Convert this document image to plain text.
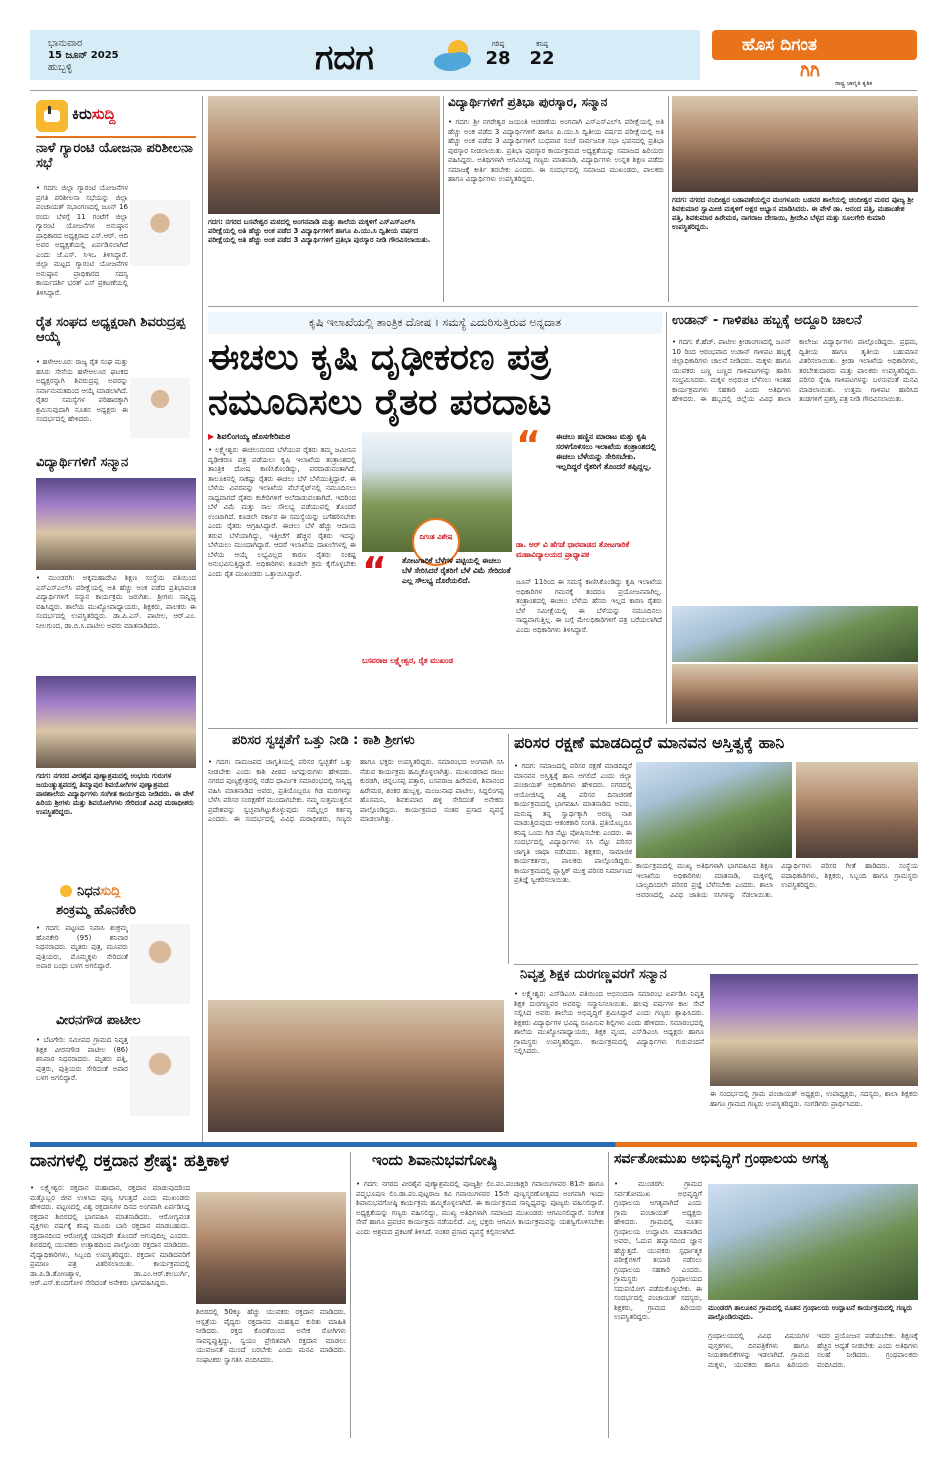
ಭಾನುವಾರ
15 ಜೂನ್ 2025
ಹುಬ್ಬಳ್ಳಿ	ಗದಗ	ಗರಿಷ್ಠ
28
ಕನಿಷ್ಠ
22
ಹೊಸ ದಿಗಂತ
ಗಿಗಿ
ರಾಷ್ಟ್ರ ಜಾಗೃತಿ ಕೃತಿಕ
ಕಿರುಸುದ್ದಿ
ನಾಳೆ ಗ್ಯಾರಂಟಿ ಯೋಜನಾ ಪರಿಶೀಲನಾ ಸಭೆ
• ಗದಗ: ಜಿಲ್ಲಾ ಗ್ಯಾರಂಟಿ ಯೋಜನೆಗಳ ಪ್ರಗತಿ ಪರಿಶೀಲನಾ ಸಭೆಯನ್ನು ಜಿಲ್ಲಾ ಪಂಚಾಯತ್ ಸಭಾಂಗಣದಲ್ಲಿ ಜೂನ್ 16 ರಂದು ಬೆಳಗ್ಗೆ 11 ಗಂಟೆಗೆ ಜಿಲ್ಲಾ ಗ್ಯಾರಂಟಿ ಯೋಜನೆಗಳ ಅನುಷ್ಠಾನ ಪ್ರಾಧಿಕಾರದ ಅಧ್ಯಕ್ಷರಾದ ಎಸ್.ಆರ್. ಆದಿ ಅವರ ಅಧ್ಯಕ್ಷತೆಯಲ್ಲಿ ಏರ್ಪಡಿಸಲಾಗಿದೆ ಎಂದು ಜೆ.ಎಸ್. ಸಿಇಒ ತಿಳಿಸಿದ್ದಾರೆ. ಜಿಲ್ಲಾ ಮಟ್ಟದ ಗ್ಯಾರಂಟಿ ಯೋಜನೆಗಳ ಅನುಷ್ಠಾನ ಪ್ರಾಧಿಕಾರದ ಸದಸ್ಯ ಕಾರ್ಯದರ್ಶಿ ಭರತ್ ಎಸ್ ಪ್ರಕಟಣೆಯಲ್ಲಿ ತಿಳಿಸಿದ್ದಾರೆ.
ರೈತ ಸಂಘದ ಅಧ್ಯಕ್ಷರಾಗಿ ಶಿವರುದ್ರಪ್ಪ ಆಯ್ಕೆ
• ಹಳೇಆಲೂರ: ರಾಜ್ಯ ರೈತ ಸಂಘ ಮತ್ತು ಹಸಿರು ಸೇನೆಯ ಹಳೇಆಲೂರ ಘಟಕದ ಅಧ್ಯಕ್ಷರನ್ನಾಗಿ ಶಿವರುದ್ರಪ್ಪ ಅವರನ್ನು ಸರ್ವಾನುಮತದಿಂದ ಆಯ್ಕೆ ಮಾಡಲಾಗಿದೆ. ರೈತರ ಸಮಸ್ಯೆಗಳ ಪರಿಹಾರಕ್ಕಾಗಿ ಶ್ರಮಿಸುವುದಾಗಿ ನೂತನ ಅಧ್ಯಕ್ಷರು ಈ ಸಂದರ್ಭದಲ್ಲಿ ಹೇಳಿದರು.
ವಿದ್ಯಾರ್ಥಿಗಳಿಗೆ ಸನ್ಮಾನ
• ಮುಂಡರಗಿ: ಅಕ್ಕಮಹಾದೇವಿ ಶಿಕ್ಷಣ ಸಂಸ್ಥೆಯ ವತಿಯಿಂದ ಎಸ್ಎಸ್ಎಲ್‌ಸಿ ಪರೀಕ್ಷೆಯಲ್ಲಿ ಅತಿ ಹೆಚ್ಚು ಅಂಕ ಪಡೆದ ಪ್ರತಿಭಾವಂತ ವಿದ್ಯಾರ್ಥಿಗಳಿಗೆ ಸನ್ಮಾನ ಕಾರ್ಯಕ್ರಮ ಜರುಗಿತು. ಶ್ರೀಗಳು ಸಾನ್ನಿಧ್ಯ ವಹಿಸಿದ್ದರು. ಶಾಲೆಯ ಮುಖ್ಯೋಪಾಧ್ಯಾಯರು, ಶಿಕ್ಷಕರು, ಪಾಲಕರು ಈ ಸಂದರ್ಭದಲ್ಲಿ ಉಪಸ್ಥಿತರಿದ್ದರು. ಡಾ.ಪಿ.ಎಸ್. ಪಾಟೀಲ, ಆರ್.ಎಂ. ನೀಲಗುಂದ, ಡಾ.ಬಿ.ಸಿ.ಪಾಟೀಲ ಅವರು ಮಾತನಾಡಿದರು.
ಗದಗ: ನಗರದ ವೀರಶೈವ ಪುಣ್ಯಾಶ್ರಮದಲ್ಲಿ ಉಭಯ ಗುರುಗಳ ಜಯಂತ್ಯುತ್ಸವದಲ್ಲಿ ತಿಮ್ಮಾಪುರ ಶಿವಯೋಗಿಗಳ ಪುಣ್ಯಾಶ್ರಮದ ಪಾಠಶಾಲೆಯ ವಿದ್ಯಾರ್ಥಿಗಳು ಸಂಗೀತ ಕಾರ್ಯಕ್ರಮ ನೀಡಿದರು. ಈ ವೇಳೆ ಹಿರಿಯ ಶ್ರೀಗಳು ಮತ್ತು ಶಿವಯೋಗಿಗಳು ಸೇರಿದಂತೆ ವಿವಿಧ ಮಠಾಧೀಶರು ಉಪಸ್ಥಿತರಿದ್ದರು.
ನಿಧನಸುದ್ದಿ
ಶಂಕ್ರಮ್ಮ ಹೊನಕೇರಿ
• ಗದಗ: ಪಟ್ಟಣದ ನಿವಾಸಿ ಶಂಕ್ರಮ್ಮ ಹೊನಕೇರಿ (95) ಶನಿವಾರ ನಿಧನರಾದರು. ಮೃತರು ಪುತ್ರ, ಮೂವರು ಪುತ್ರಿಯರು, ಮೊಮ್ಮಕ್ಕಳು ಸೇರಿದಂತೆ ಅಪಾರ ಬಂಧು ಬಳಗ ಅಗಲಿದ್ದಾರೆ.
ವೀರನಗೌಡ ಪಾಟೀಲ
• ಬೆಟಗೇರಿ: ಸಮೀಪದ ಗ್ರಾಮದ ನಿವೃತ್ತ ಶಿಕ್ಷಕ ವೀರನಗೌಡ ಪಾಟೀಲ (86) ಶನಿವಾರ ನಿಧನರಾದರು. ಮೃತರು ಪತ್ನಿ, ಪುತ್ರರು, ಪುತ್ರಿಯರು ಸೇರಿದಂತೆ ಅಪಾರ ಬಳಗ ಅಗಲಿದ್ದಾರೆ.
ಗದಗ: ನಗರದ ಬಸವೇಶ್ವರ ಮಠದಲ್ಲಿ ಅಂಗನವಾಡಿ ಮತ್ತು ಶಾಲೆಯ ಮಕ್ಕಳಿಗೆ ಎಸ್ಎಸ್ಎಲ್‌ಸಿ ಪರೀಕ್ಷೆಯಲ್ಲಿ ಅತಿ ಹೆಚ್ಚು ಅಂಕ ಪಡೆದ 3 ವಿದ್ಯಾರ್ಥಿಗಳಿಗೆ ಹಾಗೂ ಪಿ.ಯು.ಸಿ ದ್ವಿತೀಯ ವರ್ಷದ ಪರೀಕ್ಷೆಯಲ್ಲಿ ಅತಿ ಹೆಚ್ಚು ಅಂಕ ಪಡೆದ 3 ವಿದ್ಯಾರ್ಥಿಗಳಿಗೆ ಪ್ರತಿಭಾ ಪುರಸ್ಕಾರ ನೀಡಿ ಗೌರವಿಸಲಾಯಿತು.
ವಿದ್ಯಾರ್ಥಿಗಳಿಗೆ ಪ್ರತಿಭಾ ಪುರಸ್ಕಾರ, ಸನ್ಮಾನ
• ಗದಗ: ಶ್ರೀ ನಗರೇಶ್ವರ ಜಯಂತಿ ಆಚರಣೆಯ ಅಂಗವಾಗಿ ಎಸ್ಎಸ್ಎಲ್‌ಸಿ ಪರೀಕ್ಷೆಯಲ್ಲಿ ಅತಿ ಹೆಚ್ಚು ಅಂಕ ಪಡೆದ 3 ವಿದ್ಯಾರ್ಥಿಗಳಿಗೆ ಹಾಗೂ ಪಿ.ಯು.ಸಿ ದ್ವಿತೀಯ ವರ್ಷದ ಪರೀಕ್ಷೆಯಲ್ಲಿ ಅತಿ ಹೆಚ್ಚು ಅಂಕ ಪಡೆದ 3 ವಿದ್ಯಾರ್ಥಿಗಳಿಗೆ ಬುಧವಾರ ಸಂಜೆ ಸಾರ್ವಜನಿಕ ಸಭಾ ಭವನದಲ್ಲಿ ಪ್ರತಿಭಾ ಪುರಸ್ಕಾರ ನೀಡಲಾಯಿತು. ಪ್ರತಿಭಾ ಪುರಸ್ಕಾರ ಕಾರ್ಯಕ್ರಮದ ಅಧ್ಯಕ್ಷತೆಯನ್ನು ಸಮಾಜದ ಹಿರಿಯರು ವಹಿಸಿದ್ದರು. ಅತಿಥಿಗಳಾಗಿ ಆಗಮಿಸಿದ್ದ ಗಣ್ಯರು ಮಾತನಾಡಿ, ವಿದ್ಯಾರ್ಥಿಗಳು ಉನ್ನತ ಶಿಕ್ಷಣ ಪಡೆದು ಸಮಾಜಕ್ಕೆ ಕೀರ್ತಿ ತರಬೇಕು ಎಂದರು. ಈ ಸಂದರ್ಭದಲ್ಲಿ ಸಮಾಜದ ಮುಖಂಡರು, ಪಾಲಕರು ಹಾಗೂ ವಿದ್ಯಾರ್ಥಿಗಳು ಉಪಸ್ಥಿತರಿದ್ದರು.
ಗದಗ: ನಗರದ ನಂದೀಶ್ವರ ಬಡಾವಣೆಯಲ್ಲಿನ ಮಂಗಳೂರು ಬಡವರ ಶಾಲೆಯಲ್ಲಿ ಚಂದೀಶ್ವರ ಮಠದ ಪೂಜ್ಯ ಶ್ರೀ ಶಿವಕುಮಾರ ಸ್ವಾಮೀಜಿ ಮಕ್ಕಳಿಗೆ ಅಕ್ಷರ ಅಭ್ಯಾಸ ಮಾಡಿಸಿದರು. ಈ ವೇಳೆ ಡಾ. ಆನಂದ ಪತ್ತಿ, ಮಹಾಂತೇಶ ಪತ್ತಿ, ಶಿವಕುಮಾರ ಹಿರೇಮಠ, ನಾಗರಾಜ ದೇಸಾಯಿ, ಶ್ರೀದೇವಿ ಬೆಳ್ಳದ ಮತ್ತು ಸೂಲಗೇರಿ ಕುಮಾರಿ ಉಪಸ್ಥಿತರಿದ್ದರು.
ಕೃಷಿ ಇಲಾಖೆಯಲ್ಲಿ ತಾಂತ್ರಿಕ ದೋಷ । ಸಮಸ್ಯೆ ಎದುರಿಸುತ್ತಿರುವ ಅನ್ನದಾತ
ಈಚಲು ಕೃಷಿ ದೃಢೀಕರಣ ಪತ್ರ
ನಮೂದಿಸಲು ರೈತರ ಪರದಾಟ
▶ ಶಿವಲಿಂಗಯ್ಯ ಹೊಸಗೇರಿಮಠ
• ಲಕ್ಷ್ಮೇಶ್ವರ: ಈಚಲುಮರದ ಬೆಳೆಯುವ ರೈತರು ತಮ್ಮ ಜಮೀನಿನ ದೃಢೀಕರಣ ಪತ್ರ ಪಡೆಯಲು ಕೃಷಿ ಇಲಾಖೆಯ ತಂತ್ರಾಂಶದಲ್ಲಿ ತಾಂತ್ರಿಕ ದೋಷ ಕಾಣಿಸಿಕೊಂಡಿದ್ದು, ಪರದಾಡುವಂತಾಗಿದೆ. ತಾಲೂಕಿನಲ್ಲಿ ಸಾಕಷ್ಟು ರೈತರು ಈಚಲು ಬೆಳೆ ಬೆಳೆಯುತ್ತಿದ್ದಾರೆ. ಈ ಬೆಳೆಯ ವಿವರವನ್ನು ಇಲಾಖೆಯ ವೆಬ್‌ಸೈಟ್‌ನಲ್ಲಿ ನಮೂದಿಸಲು ಸಾಧ್ಯವಾಗದೆ ರೈತರು ಕಚೇರಿಗಳಿಗೆ ಅಲೆದಾಡುವಂತಾಗಿದೆ. ಇದರಿಂದ ಬೆಳೆ ವಿಮೆ ಮತ್ತು ಸಾಲ ಸೌಲಭ್ಯ ಪಡೆಯುವಲ್ಲಿ ತೊಂದರೆ ಉಂಟಾಗಿದೆ. ಕೂಡಲೇ ಸರ್ಕಾರ ಈ ಸಮಸ್ಯೆಯನ್ನು ಬಗೆಹರಿಸಬೇಕು ಎಂದು ರೈತರು ಆಗ್ರಹಿಸಿದ್ದಾರೆ. ಈಚಲು ಬೆಳೆ ಹೆಚ್ಚು ಆದಾಯ ತರುವ ಬೆಳೆಯಾಗಿದ್ದು, ಇತ್ತೀಚೆಗೆ ಹೆಚ್ಚಿನ ರೈತರು ಇದನ್ನು ಬೆಳೆಯಲು ಮುಂದಾಗಿದ್ದಾರೆ. ಆದರೆ ಇಲಾಖೆಯ ದಾಖಲೆಗಳಲ್ಲಿ ಈ ಬೆಳೆಯ ಆಯ್ಕೆ ಲಭ್ಯವಿಲ್ಲದ ಕಾರಣ ರೈತರು ಸಂಕಷ್ಟ ಅನುಭವಿಸುತ್ತಿದ್ದಾರೆ. ಅಧಿಕಾರಿಗಳು ಕೂಡಲೇ ಕ್ರಮ ಕೈಗೊಳ್ಳಬೇಕು ಎಂದು ರೈತ ಮುಖಂಡರು ಒತ್ತಾಯಿಸಿದ್ದಾರೆ.
ದಿಗಂತ ವಿಶೇಷ
“	ಈಚಲು ಹಣ್ಣಿನ ಮಾರಾಟ ಮತ್ತು ಕೃಷಿ ಸರಳಗೊಳಿಸಲು ಇಲಾಖೆಯ ತಂತ್ರಾಂಶದಲ್ಲಿ ಈಚಲು ಬೆಳೆಯನ್ನು ಸೇರಿಸಬೇಕು. ಇಲ್ಲದಿದ್ದರೆ ರೈತರಿಗೆ ತೊಂದರೆ ತಪ್ಪಿದ್ದಲ್ಲ.
ಡಾ. ಆರ್ ವಿ ಹೆಗಡೆ ಧಾರವಾಡದ ತೋಟಗಾರಿಕೆ ಮಹಾವಿದ್ಯಾಲಯದ ಪ್ರಾಧ್ಯಾಪಕ
“	ತೋಟಗಾರಿಕೆ ಬೆಳೆಗಳ ಪಟ್ಟಿಯಲ್ಲಿ ಈಚಲು ಬೆಳೆ ಸೇರಿಸಿದರೆ ರೈತರಿಗೆ ಬೆಳೆ ವಿಮೆ ಸೇರಿದಂತೆ ಎಲ್ಲ ಸೌಲಭ್ಯ ದೊರೆಯಲಿದೆ.
ಬಸವರಾಜ ಲಕ್ಷ್ಮೇಶ್ವರ, ರೈತ ಮುಖಂಡ
ಜೂನ್ 11ರಿಂದ ಈ ಸಮಸ್ಯೆ ಕಾಣಿಸಿಕೊಂಡಿದ್ದು ಕೃಷಿ ಇಲಾಖೆಯ ಅಧಿಕಾರಿಗಳ ಗಮನಕ್ಕೆ ತಂದರೂ ಪ್ರಯೋಜನವಾಗಿಲ್ಲ. ತಂತ್ರಾಂಶದಲ್ಲಿ ಈಚಲು ಬೆಳೆಯ ಹೆಸರು ಇಲ್ಲದ ಕಾರಣ ರೈತರು ಬೆಳೆ ಸಮೀಕ್ಷೆಯಲ್ಲಿ ಈ ಬೆಳೆಯನ್ನು ನಮೂದಿಸಲು ಸಾಧ್ಯವಾಗುತ್ತಿಲ್ಲ. ಈ ಬಗ್ಗೆ ಮೇಲಧಿಕಾರಿಗಳಿಗೆ ಪತ್ರ ಬರೆಯಲಾಗಿದೆ ಎಂದು ಅಧಿಕಾರಿಗಳು ತಿಳಿಸಿದ್ದಾರೆ.
ಉಡಾನ್ - ಗಾಳಿಪಟ ಹಬ್ಬಕ್ಕೆ ಅದ್ದೂರಿ ಚಾಲನೆ
• ಗದಗ: ಕೆ.ಹೆಚ್. ಪಾಟೀಲ ಕ್ರೀಡಾಂಗಣದಲ್ಲಿ ಜೂನ್ 10 ರಿಂದ ಆರಂಭವಾದ ಉಡಾನ್ ಗಾಳಿಪಟ ಹಬ್ಬಕ್ಕೆ ಜಿಲ್ಲಾಧಿಕಾರಿಗಳು ಚಾಲನೆ ನೀಡಿದರು. ಮಕ್ಕಳು ಹಾಗೂ ಯುವಕರು ಬಣ್ಣ ಬಣ್ಣದ ಗಾಳಿಪಟಗಳನ್ನು ಹಾರಿಸಿ ಸಂಭ್ರಮಿಸಿದರು. ಮಕ್ಕಳ ಅಭಿರುಚಿ ಬೆಳೆಸಲು ಇಂತಹ ಕಾರ್ಯಕ್ರಮಗಳು ಸಹಕಾರಿ ಎಂದು ಅತಿಥಿಗಳು ಹೇಳಿದರು. ಈ ಹಬ್ಬದಲ್ಲಿ ಜಿಲ್ಲೆಯ ವಿವಿಧ ಶಾಲಾ ಕಾಲೇಜು ವಿದ್ಯಾರ್ಥಿಗಳು ಪಾಲ್ಗೊಂಡಿದ್ದರು. ಪ್ರಥಮ, ದ್ವಿತೀಯ ಹಾಗೂ ತೃತೀಯ ಬಹುಮಾನ ವಿತರಿಸಲಾಯಿತು. ಕ್ರೀಡಾ ಇಲಾಖೆಯ ಅಧಿಕಾರಿಗಳು, ತರಬೇತುದಾರರು ಮತ್ತು ಪಾಲಕರು ಉಪಸ್ಥಿತರಿದ್ದರು. ಪರಿಸರ ಸ್ನೇಹಿ ಗಾಳಿಪಟಗಳನ್ನು ಬಳಸುವಂತೆ ಮನವಿ ಮಾಡಲಾಯಿತು. ಉತ್ತಮ ಗಾಳಿಪಟ ಹಾರಿಸಿದ ತಂಡಗಳಿಗೆ ಪ್ರಶಸ್ತಿ ಪತ್ರ ನೀಡಿ ಗೌರವಿಸಲಾಯಿತು.
ಪರಿಸರ ಸ್ವಚ್ಛತೆಗೆ ಒತ್ತು ನೀಡಿ : ಕಾಶಿ ಶ್ರೀಗಳು
• ಗದಗ: ನಾಮಜಪದ ಜಾಗೃತಿಯಲ್ಲಿ ಪರಿಸರ ಸ್ವಚ್ಛತೆಗೆ ಒತ್ತು ನೀಡಬೇಕು ಎಂದು ಕಾಶಿ ಪೀಠದ ಜಗದ್ಗುರುಗಳು ಹೇಳಿದರು. ನಗರದ ಪುಣ್ಯಕ್ಷೇತ್ರದಲ್ಲಿ ನಡೆದ ಧಾರ್ಮಿಕ ಸಮಾರಂಭದಲ್ಲಿ ಸಾನ್ನಿಧ್ಯ ವಹಿಸಿ ಮಾತನಾಡಿದ ಅವರು, ಪ್ರತಿಯೊಬ್ಬರೂ ಗಿಡ ಮರಗಳನ್ನು ಬೆಳೆಸಿ ಪರಿಸರ ಸಂರಕ್ಷಣೆಗೆ ಮುಂದಾಗಬೇಕು. ನಮ್ಮ ಸುತ್ತಮುತ್ತಲಿನ ಪ್ರದೇಶವನ್ನು ಸ್ವಚ್ಛವಾಗಿಟ್ಟುಕೊಳ್ಳುವುದು ನಮ್ಮೆಲ್ಲರ ಕರ್ತವ್ಯ ಎಂದರು. ಈ ಸಂದರ್ಭದಲ್ಲಿ ವಿವಿಧ ಮಠಾಧೀಶರು, ಗಣ್ಯರು ಹಾಗೂ ಭಕ್ತರು ಉಪಸ್ಥಿತರಿದ್ದರು. ಸಮಾರಂಭದ ಅಂಗವಾಗಿ ಸಸಿ ನೆಡುವ ಕಾರ್ಯಕ್ರಮ ಹಮ್ಮಿಕೊಳ್ಳಲಾಗಿತ್ತು. ಮುಖಂಡರಾದ ರಾಜು ಕುರಡಗಿ, ಚನ್ನಬಸಪ್ಪ ಪತ್ತಾರ, ಬಸವರಾಜ ಹಿರೇಮಠ, ಶಿವಾನಂದ ಹಿರೇಮಠ, ಶಂಕರ ಹುಬ್ಬಳ್ಳಿ, ಮಂಜುನಾಥ ಪಾಟೀಲ, ಸಿದ್ದಲಿಂಗಪ್ಪ ಹೊಸಮನಿ, ಶಿವಕುಮಾರ ಹಳ್ಳಿ ಸೇರಿದಂತೆ ಅನೇಕರು ಪಾಲ್ಗೊಂಡಿದ್ದರು. ಕಾರ್ಯಕ್ರಮದ ನಂತರ ಪ್ರಸಾದ ವ್ಯವಸ್ಥೆ ಮಾಡಲಾಗಿತ್ತು.
ಪರಿಸರ ರಕ್ಷಣೆ ಮಾಡದಿದ್ದರೆ ಮಾನವನ ಅಸ್ತಿತ್ವಕ್ಕೆ ಹಾನಿ
• ಗದಗ: ಸಮಾಜದಲ್ಲಿ ಪರಿಸರ ರಕ್ಷಣೆ ಮಾಡದಿದ್ದರೆ ಮಾನವನ ಅಸ್ತಿತ್ವಕ್ಕೆ ಹಾನಿ ಆಗಲಿದೆ ಎಂದು ಜಿಲ್ಲಾ ಪಂಚಾಯತ್ ಅಧಿಕಾರಿಗಳು ಹೇಳಿದರು. ನಗರದಲ್ಲಿ ಆಯೋಜಿಸಿದ್ದ ವಿಶ್ವ ಪರಿಸರ ದಿನಾಚರಣೆ ಕಾರ್ಯಕ್ರಮದಲ್ಲಿ ಭಾಗವಹಿಸಿ ಮಾತನಾಡಿದ ಅವರು, ಮನುಷ್ಯ ತನ್ನ ಸ್ವಾರ್ಥಕ್ಕಾಗಿ ಅರಣ್ಯ ನಾಶ ಮಾಡುತ್ತಿರುವುದು ಆತಂಕಕಾರಿ ಸಂಗತಿ. ಪ್ರತಿಯೊಬ್ಬರೂ ಕನಿಷ್ಠ ಒಂದು ಗಿಡ ನೆಟ್ಟು ಪೋಷಿಸಬೇಕು ಎಂದರು. ಈ ಸಂದರ್ಭದಲ್ಲಿ ವಿದ್ಯಾರ್ಥಿಗಳು ಸಸಿ ನೆಟ್ಟು ಪರಿಸರ ಜಾಗೃತಿ ಜಾಥಾ ನಡೆಸಿದರು. ಶಿಕ್ಷಕರು, ಸಾಮಾಜಿಕ ಕಾರ್ಯಕರ್ತರು, ಪಾಲಕರು ಪಾಲ್ಗೊಂಡಿದ್ದರು. ಕಾರ್ಯಕ್ರಮದಲ್ಲಿ ಪ್ಲಾಸ್ಟಿಕ್ ಮುಕ್ತ ಪರಿಸರ ನಿರ್ಮಾಣದ ಪ್ರತಿಜ್ಞೆ ಸ್ವೀಕರಿಸಲಾಯಿತು.
ಕಾರ್ಯಕ್ರಮದಲ್ಲಿ ಮುಖ್ಯ ಅತಿಥಿಗಳಾಗಿ ಭಾಗವಹಿಸಿದ ಶಿಕ್ಷಣ ಇಲಾಖೆಯ ಅಧಿಕಾರಿಗಳು ಮಾತನಾಡಿ, ಮಕ್ಕಳಲ್ಲಿ ಬಾಲ್ಯದಿಂದಲೇ ಪರಿಸರ ಪ್ರಜ್ಞೆ ಬೆಳೆಸಬೇಕು ಎಂದರು. ಶಾಲಾ ಆವರಣದಲ್ಲಿ ವಿವಿಧ ಜಾತಿಯ ಸಸಿಗಳನ್ನು ನೆಡಲಾಯಿತು. ವಿದ್ಯಾರ್ಥಿಗಳು ಪರಿಸರ ಗೀತೆ ಹಾಡಿದರು. ಸಂಸ್ಥೆಯ ಪದಾಧಿಕಾರಿಗಳು, ಶಿಕ್ಷಕರು, ಸಿಬ್ಬಂದಿ ಹಾಗೂ ಗ್ರಾಮಸ್ಥರು ಉಪಸ್ಥಿತರಿದ್ದರು.
ನಿವೃತ್ತ ಶಿಕ್ಷಕ ದುರಗಣ್ಣವರಗೆ ಸನ್ಮಾನ
• ಲಕ್ಷ್ಮೇಶ್ವರ: ಎಸ್‌ಡಿಎಂಸಿ ವತಿಯಿಂದ ಅಭಿನಂದನಾ ಸಮಾರಂಭ ಏರ್ಪಡಿಸಿ ನಿವೃತ್ತ ಶಿಕ್ಷಕ ದುರಗಣ್ಣವರ ಅವರನ್ನು ಸನ್ಮಾನಿಸಲಾಯಿತು. ಹಲವು ವರ್ಷಗಳ ಕಾಲ ಸೇವೆ ಸಲ್ಲಿಸಿದ ಅವರು ಶಾಲೆಯ ಅಭಿವೃದ್ಧಿಗೆ ಶ್ರಮಿಸಿದ್ದಾರೆ ಎಂದು ಗಣ್ಯರು ಶ್ಲಾಘಿಸಿದರು. ಶಿಕ್ಷಕರು ವಿದ್ಯಾರ್ಥಿಗಳ ಭವಿಷ್ಯ ರೂಪಿಸುವ ಶಿಲ್ಪಿಗಳು ಎಂದು ಹೇಳಿದರು. ಸಮಾರಂಭದಲ್ಲಿ ಶಾಲೆಯ ಮುಖ್ಯೋಪಾಧ್ಯಾಯರು, ಶಿಕ್ಷಕ ವೃಂದ, ಎಸ್‌ಡಿಎಂಸಿ ಅಧ್ಯಕ್ಷರು ಹಾಗೂ ಗ್ರಾಮಸ್ಥರು ಉಪಸ್ಥಿತರಿದ್ದರು. ಕಾರ್ಯಕ್ರಮದಲ್ಲಿ ವಿದ್ಯಾರ್ಥಿಗಳು ಗುರುವಂದನೆ ಸಲ್ಲಿಸಿದರು.
ಈ ಸಂದರ್ಭದಲ್ಲಿ ಗ್ರಾಮ ಪಂಚಾಯತ್ ಅಧ್ಯಕ್ಷರು, ಉಪಾಧ್ಯಕ್ಷರು, ಸದಸ್ಯರು, ಶಾಲಾ ಶಿಕ್ಷಕರು ಹಾಗೂ ಗ್ರಾಮದ ಗಣ್ಯರು ಉಪಸ್ಥಿತರಿದ್ದರು. ಸಂಗಡಿಗರು ಪ್ರಾರ್ಥಿಸಿದರು.
ದಾನಗಳಲ್ಲಿ ರಕ್ತದಾನ ಶ್ರೇಷ್ಠ: ಹತ್ತಿಕಾಳ
• ಲಕ್ಷ್ಮೇಶ್ವರ: ರಕ್ತದಾನ ಮಹಾದಾನ, ರಕ್ತದಾನ ಮಾಡುವುದರಿಂದ ಮತ್ತೊಬ್ಬರ ಜೀವ ಉಳಿಸಿದ ಪುಣ್ಯ ಸಿಗುತ್ತದೆ ಎಂದು ಮುಖಂಡರು ಹೇಳಿದರು. ಪಟ್ಟಣದಲ್ಲಿ ವಿಶ್ವ ರಕ್ತದಾನಿಗಳ ದಿನದ ಅಂಗವಾಗಿ ಏರ್ಪಡಿಸಿದ್ದ ರಕ್ತದಾನ ಶಿಬಿರದಲ್ಲಿ ಭಾಗವಹಿಸಿ ಮಾತನಾಡಿದರು. ಆರೋಗ್ಯವಂತ ವ್ಯಕ್ತಿಗಳು ವರ್ಷಕ್ಕೆ ಕನಿಷ್ಠ ಮೂರು ಬಾರಿ ರಕ್ತದಾನ ಮಾಡಬಹುದು. ರಕ್ತದಾನದಿಂದ ಆರೋಗ್ಯಕ್ಕೆ ಯಾವುದೇ ತೊಂದರೆ ಆಗುವುದಿಲ್ಲ ಎಂದರು. ಶಿಬಿರದಲ್ಲಿ ಯುವಕರು ಉತ್ಸಾಹದಿಂದ ಪಾಲ್ಗೊಂಡು ರಕ್ತದಾನ ಮಾಡಿದರು. ವೈದ್ಯಾಧಿಕಾರಿಗಳು, ಸಿಬ್ಬಂದಿ ಉಪಸ್ಥಿತರಿದ್ದರು. ರಕ್ತದಾನ ಮಾಡಿದವರಿಗೆ ಪ್ರಮಾಣ ಪತ್ರ ವಿತರಿಸಲಾಯಿತು. ಕಾರ್ಯಕ್ರಮದಲ್ಲಿ ಡಾ.ಪಿ.ಡಿ.ತೋಣಶ್ಯಾಳ, ಡಾ.ಎಂ.ಆರ್.ಕಲಬುರ್ಗಿ, ಆರ್.ಎಸ್.ಕುಂದಗೋಳ ಸೇರಿದಂತೆ ಅನೇಕರು ಭಾಗವಹಿಸಿದ್ದರು.
ಶಿಬಿರದಲ್ಲಿ 50ಕ್ಕೂ ಹೆಚ್ಚು ಯುವಕರು ರಕ್ತದಾನ ಮಾಡಿದರು. ಆಸ್ಪತ್ರೆಯ ವೈದ್ಯರು ರಕ್ತದಾನದ ಮಹತ್ವದ ಕುರಿತು ಮಾಹಿತಿ ನೀಡಿದರು. ರಕ್ತದ ಕೊರತೆಯಿಂದ ಅನೇಕ ರೋಗಿಗಳು ಸಾವನ್ನಪ್ಪುತ್ತಿದ್ದು, ಸ್ವಯಂ ಪ್ರೇರಿತವಾಗಿ ರಕ್ತದಾನ ಮಾಡಲು ಯುವಜನತೆ ಮುಂದೆ ಬರಬೇಕು ಎಂದು ಮನವಿ ಮಾಡಿದರು. ಸಂಘಟಕರು ಸ್ವಾಗತಿಸಿ ವಂದಿಸಿದರು.
ಇಂದು ಶಿವಾನುಭವಗೋಷ್ಠಿ
• ಗದಗ: ನಗರದ ವೀರಶೈವ ಪುಣ್ಯಾಶ್ರಮದಲ್ಲಿ ಪೂಜ್ಯಶ್ರೀ ಲಿಂ.ಪಂ.ಪಂಚಾಕ್ಷರಿ ಗವಾಯಿಗಳವರ 81ನೇ ಹಾಗೂ ಪದ್ಮಭೂಷಣ ಲಿಂ.ಡಾ.ಪಂ.ಪುಟ್ಟರಾಜ ಕವಿ ಗವಾಯಿಗಳವರ 15ನೇ ಪುಣ್ಯಸ್ಮರಣೋತ್ಸವದ ಅಂಗವಾಗಿ ಇಂದು ಶಿವಾನುಭವಗೋಷ್ಠಿ ಕಾರ್ಯಕ್ರಮ ಹಮ್ಮಿಕೊಳ್ಳಲಾಗಿದೆ. ಈ ಕಾರ್ಯಕ್ರಮದ ಸಾನ್ನಿಧ್ಯವನ್ನು ಪೂಜ್ಯರು ವಹಿಸಲಿದ್ದಾರೆ. ಅಧ್ಯಕ್ಷತೆಯನ್ನು ಗಣ್ಯರು ವಹಿಸಲಿದ್ದು, ಮುಖ್ಯ ಅತಿಥಿಗಳಾಗಿ ಸಮಾಜದ ಮುಖಂಡರು ಆಗಮಿಸಲಿದ್ದಾರೆ. ಸಂಗೀತ ಸೇವೆ ಹಾಗೂ ಪ್ರವಚನ ಕಾರ್ಯಕ್ರಮ ನಡೆಯಲಿದೆ. ಎಲ್ಲ ಭಕ್ತರು ಆಗಮಿಸಿ ಕಾರ್ಯಕ್ರಮವನ್ನು ಯಶಸ್ವಿಗೊಳಿಸಬೇಕು ಎಂದು ಆಶ್ರಮದ ಪ್ರಕಟಣೆ ತಿಳಿಸಿದೆ. ನಂತರ ಪ್ರಸಾದ ವ್ಯವಸ್ಥೆ ಕಲ್ಪಿಸಲಾಗಿದೆ.
ಸರ್ವತೋಮುಖ ಅಭಿವೃದ್ಧಿಗೆ ಗ್ರಂಥಾಲಯ ಅಗತ್ಯ
• ಮುಂಡರಗಿ: ಗ್ರಾಮದ ಸರ್ವತೋಮುಖ ಅಭಿವೃದ್ಧಿಗೆ ಗ್ರಂಥಾಲಯ ಅಗತ್ಯವಾಗಿದೆ ಎಂದು ಗ್ರಾಮ ಪಂಚಾಯತ್ ಅಧ್ಯಕ್ಷರು ಹೇಳಿದರು. ಗ್ರಾಮದಲ್ಲಿ ನೂತನ ಗ್ರಂಥಾಲಯ ಉದ್ಘಾಟಿಸಿ ಮಾತನಾಡಿದ ಅವರು, ಓದುವ ಹವ್ಯಾಸದಿಂದ ಜ್ಞಾನ ಹೆಚ್ಚುತ್ತದೆ. ಯುವಕರು ಸ್ಪರ್ಧಾತ್ಮಕ ಪರೀಕ್ಷೆಗಳಿಗೆ ತಯಾರಿ ನಡೆಸಲು ಗ್ರಂಥಾಲಯ ಸಹಕಾರಿ ಎಂದರು. ಗ್ರಾಮಸ್ಥರು ಗ್ರಂಥಾಲಯದ ಸದುಪಯೋಗ ಪಡೆದುಕೊಳ್ಳಬೇಕು. ಈ ಸಂದರ್ಭದಲ್ಲಿ ಪಂಚಾಯತ್ ಸದಸ್ಯರು, ಶಿಕ್ಷಕರು, ಗ್ರಾಮದ ಹಿರಿಯರು ಉಪಸ್ಥಿತರಿದ್ದರು.
ಮುಂಡರಗಿ ತಾಲೂಕಿನ ಗ್ರಾಮದಲ್ಲಿ ನೂತನ ಗ್ರಂಥಾಲಯ ಉದ್ಘಾಟನೆ ಕಾರ್ಯಕ್ರಮದಲ್ಲಿ ಗಣ್ಯರು ಪಾಲ್ಗೊಂಡಿರುವುದು.
ಗ್ರಂಥಾಲಯದಲ್ಲಿ ವಿವಿಧ ವಿಷಯಗಳ ಪುಸ್ತಕಗಳು, ದಿನಪತ್ರಿಕೆಗಳು ಹಾಗೂ ನಿಯತಕಾಲಿಕೆಗಳನ್ನು ಇಡಲಾಗಿದೆ. ಗ್ರಾಮದ ಮಕ್ಕಳು, ಯುವಕರು ಹಾಗೂ ಹಿರಿಯರು ಇದರ ಪ್ರಯೋಜನ ಪಡೆಯಬೇಕು. ಶಿಕ್ಷಣಕ್ಕೆ ಹೆಚ್ಚಿನ ಆದ್ಯತೆ ನೀಡಬೇಕು ಎಂದು ಅತಿಥಿಗಳು ಸಲಹೆ ನೀಡಿದರು. ಗ್ರಂಥಪಾಲಕರು ವಂದಿಸಿದರು.
